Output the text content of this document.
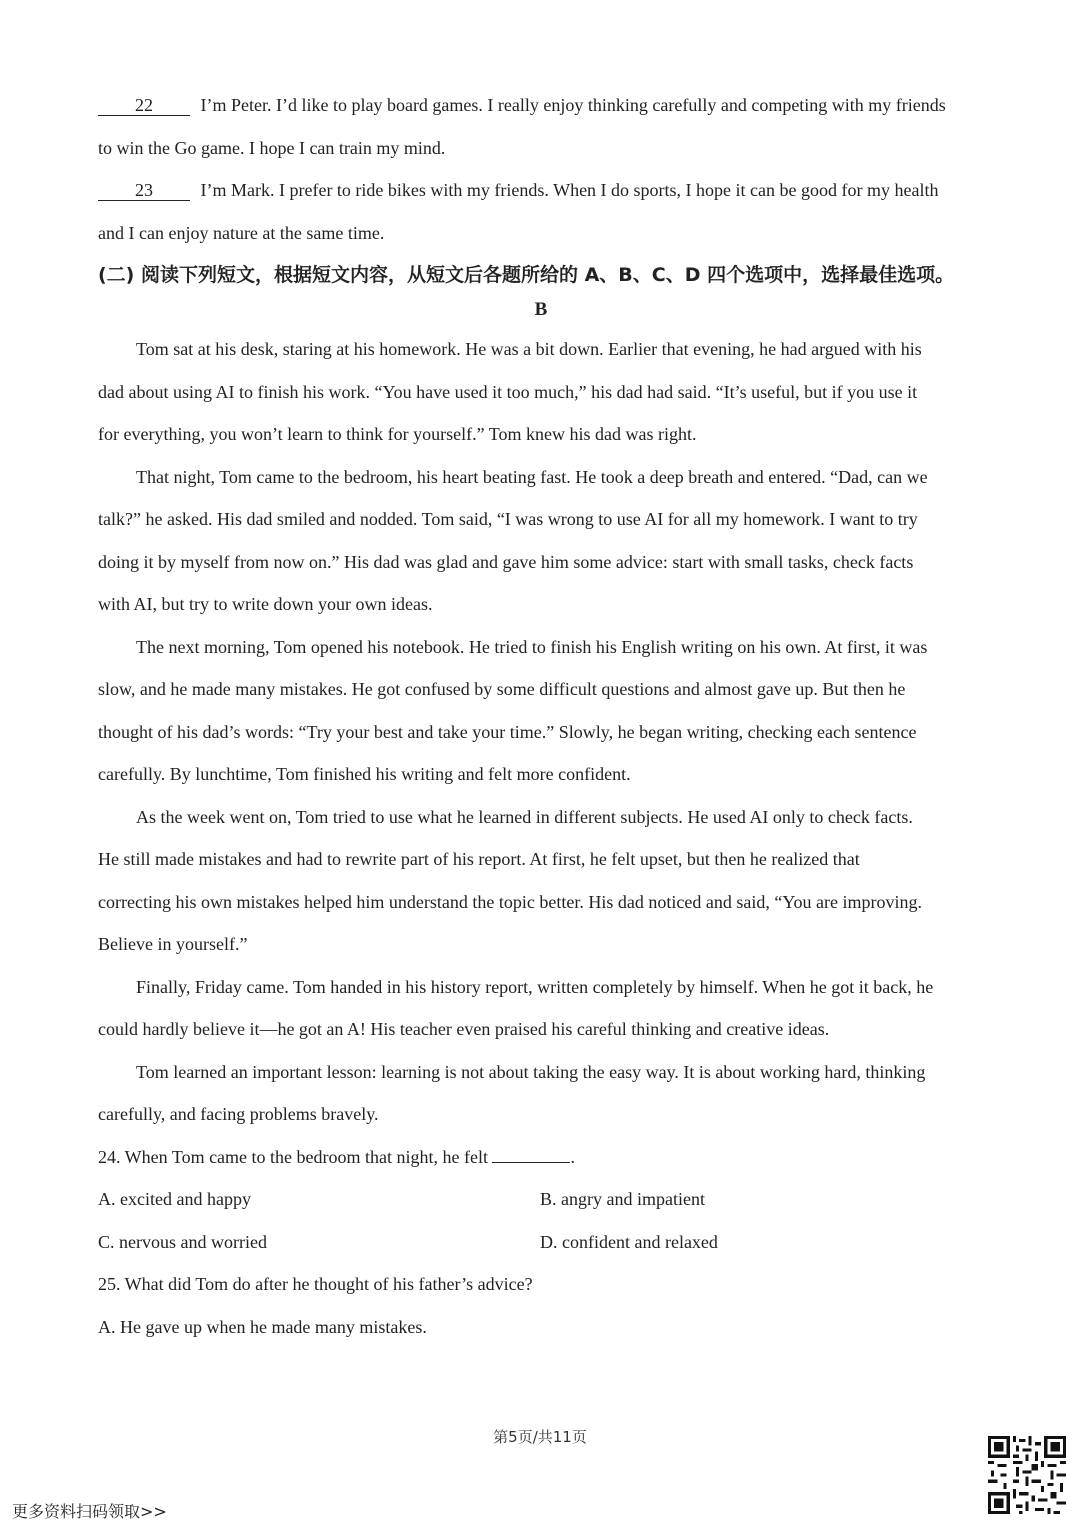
22	I’m Peter. I’d like to play board games. I really enjoy thinking carefully and competing with my friends
to win the Go game. I hope I can train my mind.
23	I’m Mark. I prefer to ride bikes with my friends. When I do sports, I hope it can be good for my health
and I can enjoy nature at the same time.
(二) 阅读下列短文，根据短文内容，从短文后各题所给的 A、B、C、D 四个选项中，选择最佳选项。
B
Tom sat at his desk, staring at his homework. He was a bit down. Earlier that evening, he had argued with his
dad about using AI to finish his work. “You have used it too much,” his dad had said. “It’s useful, but if you use it
for everything, you won’t learn to think for yourself.” Tom knew his dad was right.
That night, Tom came to the bedroom, his heart beating fast. He took a deep breath and entered. “Dad, can we
talk?” he asked. His dad smiled and nodded. Tom said, “I was wrong to use AI for all my homework. I want to try
doing it by myself from now on.” His dad was glad and gave him some advice: start with small tasks, check facts
with AI, but try to write down your own ideas.
The next morning, Tom opened his notebook. He tried to finish his English writing on his own. At first, it was
slow, and he made many mistakes. He got confused by some difficult questions and almost gave up. But then he
thought of his dad’s words: “Try your best and take your time.” Slowly, he began writing, checking each sentence
carefully. By lunchtime, Tom finished his writing and felt more confident.
As the week went on, Tom tried to use what he learned in different subjects. He used AI only to check facts.
He still made mistakes and had to rewrite part of his report. At first, he felt upset, but then he realized that
correcting his own mistakes helped him understand the topic better. His dad noticed and said, “You are improving.
Believe in yourself.”
Finally, Friday came. Tom handed in his history report, written completely by himself. When he got it back, he
could hardly believe it—he got an A! His teacher even praised his careful thinking and creative ideas.
Tom learned an important lesson: learning is not about taking the easy way. It is about working hard, thinking
carefully, and facing problems bravely.
24. When Tom came to the bedroom that night, he felt	.
A. excited and happy	B. angry and impatient
C. nervous and worried	D. confident and relaxed
25. What did Tom do after he thought of his father’s advice?
A. He gave up when he made many mistakes.
第5页/共11页
更多资料扫码领取>>
